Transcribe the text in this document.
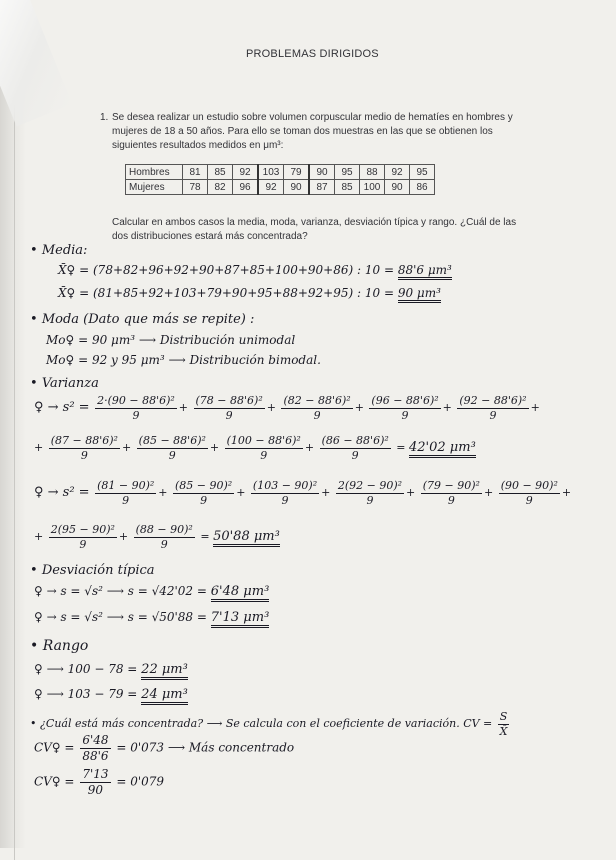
PROBLEMAS DIRIGIDOS
1. Se desea realizar un estudio sobre volumen corpuscular medio de hematíes en hombres y mujeres de 18 a 50 años. Para ello se toman dos muestras en las que se obtienen los siguientes resultados medidos en μm³:
Hombres	81	85	92	103	79	90	95	88	92	95
Mujeres	78	82	96	92	90	87	85	100	90	86
Calcular en ambos casos la media, moda, varianza, desviación típica y rango. ¿Cuál de las dos distribuciones estará más concentrada?
• Media:
X̄♀ = (78+82+96+92+90+87+85+100+90+86) : 10 = 88'6 μm³
X̄♀ = (81+85+92+103+79+90+95+88+92+95) : 10 = 90 μm³
• Moda (Dato que más se repite) :
Mo♀ = 90 μm³ ⟶ Distribución unimodal
Mo♀ = 92 y 95 μm³ ⟶ Distribución bimodal.
• Varianza
♀ → $s^2 = \frac{\text{2·(90 − 88'6)²}}{9} + \frac{\text{(78 − 88'6)²}}{9} + \frac{\text{(82 − 88'6)²}}{9} + \frac{\text{(96 − 88'6)²}}{9} + \frac{\text{(92 − 88'6)²}}{9}$ +
+ $\frac{\text{(87 − 88'6)²}}{9} + \frac{\text{(85 − 88'6)²}}{9} + \frac{\text{(100 − 88'6)²}}{9} + \frac{\text{(86 − 88'6)²}}{9} = 42'02$ μm³
♀ → $s^2 = \frac{\text{(81 − 90)²}}{9} + \frac{\text{(85 − 90)²}}{9} + \frac{\text{(103 − 90)²}}{9} + \frac{\text{2(92 − 90)²}}{9} + \frac{\text{(79 − 90)²}}{9} + \frac{\text{(90 − 90)²}}{9}$ +
+ $\frac{\text{2(95 − 90)²}}{9} + \frac{\text{(88 − 90)²}}{9} = 50'88$ μm³
• Desviación típica
♀ → s = √s² ⟶ s = √42'02 = 6'48 μm³
♀ → s = √s² ⟶ s = √50'88 = 7'13 μm³
• Rango
♀ ⟶ 100 − 78 = 22 μm³
♀ ⟶ 103 − 79 = 24 μm³
• ¿Cuál está más concentrada? ⟶ Se calcula con el coeficiente de variación. CV = $\frac{S}{X̄}$
CV♀ = $\frac{6'48}{88'6} = 0'073$ ⟶ Más concentrado
CV♀ = $\frac{7'13}{90} = 0'079$
